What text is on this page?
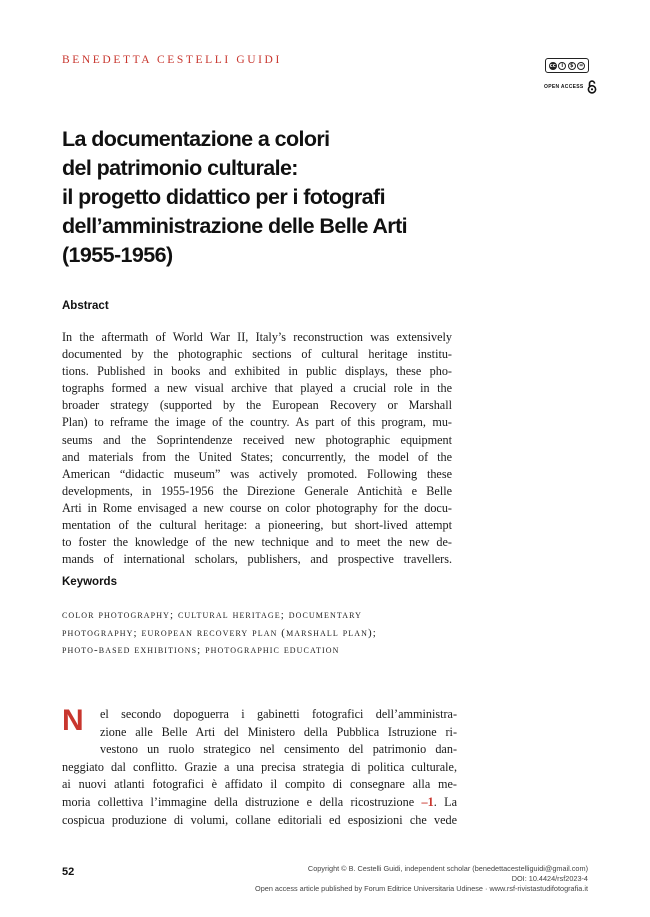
BENEDETTA CESTELLI GUIDI	cc	i	$	=
OPEN ACCESS
La documentazione a colori
del patrimonio culturale:
il progetto didattico per i fotografi
dell’amministrazione delle Belle Arti
(1955-1956)
Abstract
In the aftermath of World War II, Italy’s reconstruction was extensively
documented by the photographic sections of cultural heritage institu-
tions. Published in books and exhibited in public displays, these pho-
tographs formed a new visual archive that played a crucial role in the
broader strategy (supported by the European Recovery or Marshall
Plan) to reframe the image of the country. As part of this program, mu-
seums and the Soprintendenze received new photographic equipment
and materials from the United States; concurrently, the model of the
American “didactic museum” was actively promoted. Following these
developments, in 1955-1956 the Direzione Generale Antichità e Belle
Arti in Rome envisaged a new course on color photography for the docu-
mentation of the cultural heritage: a pioneering, but short-lived attempt
to foster the knowledge of the new technique and to meet the new de-
mands of international scholars, publishers, and prospective travellers.
Keywords
color photography; cultural heritage; documentary
photography; european recovery plan (marshall plan);
photo-based exhibitions; photographic education
N	el secondo dopoguerra i gabinetti fotografici dell’amministra-
zione alle Belle Arti del Ministero della Pubblica Istruzione ri-
vestono un ruolo strategico nel censimento del patrimonio dan-
neggiato dal conflitto. Grazie a una precisa strategia di politica culturale,
ai nuovi atlanti fotografici è affidato il compito di consegnare alla me-
moria collettiva l’immagine della distruzione e della ricostruzione –1. La
cospicua produzione di volumi, collane editoriali ed esposizioni che vede
52	Copyright © B. Cestelli Guidi, independent scholar (benedettacestelliguidi@gmail.com)
DOI: 10.4424/rsf2023-4
Open access article published by Forum Editrice Universitaria Udinese · www.rsf-rivistastudifotografia.it
